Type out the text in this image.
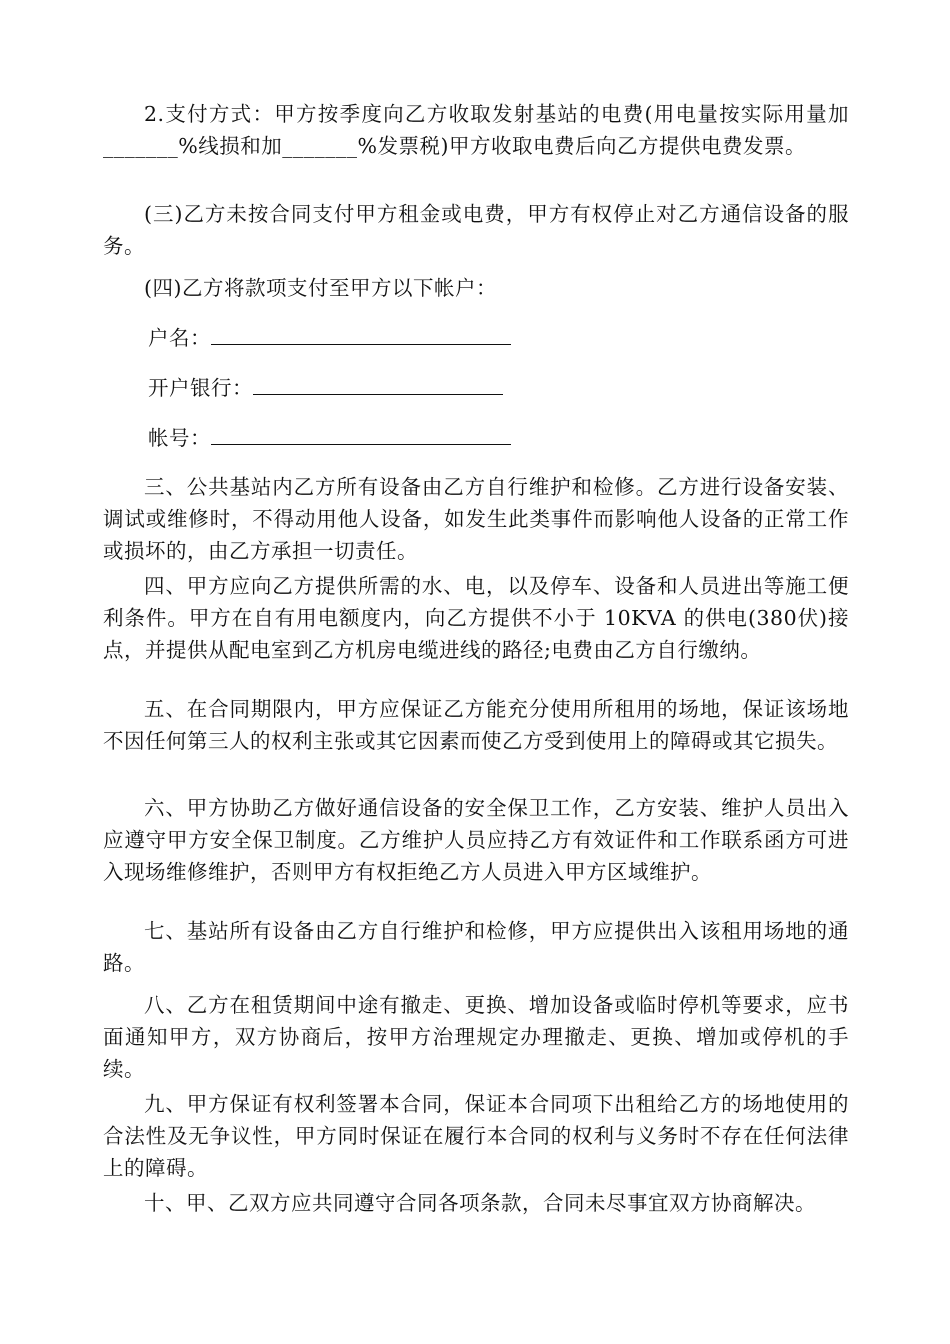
2.支付方式：甲方按季度向乙方收取发射基站的电费(用电量按实际用量加_______%线损和加_______%发票税)甲方收取电费后向乙方提供电费发票。

(三)乙方未按合同支付甲方租金或电费，甲方有权停止对乙方通信设备的服务。

(四)乙方将款项支付至甲方以下帐户：

户名：
开户银行：
帐号：

三、公共基站内乙方所有设备由乙方自行维护和检修。乙方进行设备安装、调试或维修时，不得动用他人设备，如发生此类事件而影响他人设备的正常工作或损坏的，由乙方承担一切责任。

四、甲方应向乙方提供所需的水、电，以及停车、设备和人员进出等施工便利条件。甲方在自有用电额度内，向乙方提供不小于 10KVA 的供电(380伏)接点，并提供从配电室到乙方机房电缆进线的路径;电费由乙方自行缴纳。

五、在合同期限内，甲方应保证乙方能充分使用所租用的场地，保证该场地不因任何第三人的权利主张或其它因素而使乙方受到使用上的障碍或其它损失。

六、甲方协助乙方做好通信设备的安全保卫工作，乙方安装、维护人员出入应遵守甲方安全保卫制度。乙方维护人员应持乙方有效证件和工作联系函方可进入现场维修维护，否则甲方有权拒绝乙方人员进入甲方区域维护。

七、基站所有设备由乙方自行维护和检修，甲方应提供出入该租用场地的通路。

八、乙方在租赁期间中途有撤走、更换、增加设备或临时停机等要求，应书面通知甲方，双方协商后，按甲方治理规定办理撤走、更换、增加或停机的手续。

九、甲方保证有权利签署本合同，保证本合同项下出租给乙方的场地使用的合法性及无争议性，甲方同时保证在履行本合同的权利与义务时不存在任何法律上的障碍。

十、甲、乙双方应共同遵守合同各项条款，合同未尽事宜双方协商解决。
